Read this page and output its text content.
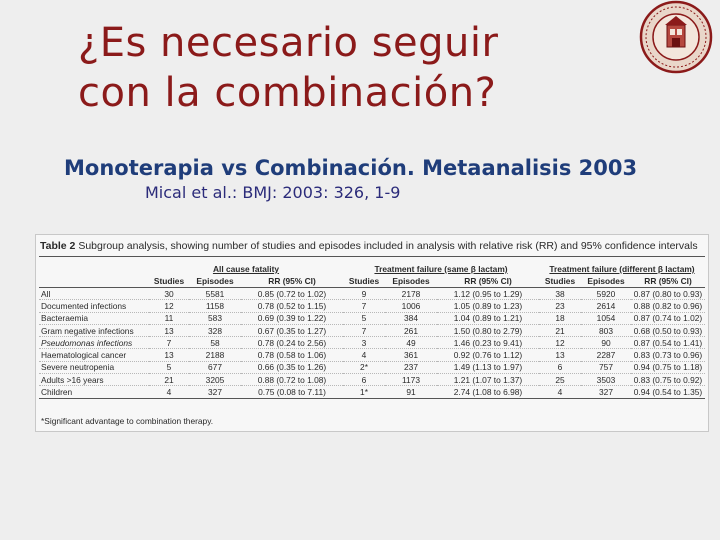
¿Es necesario seguir
con la combinación?
Monoterapia vs Combinación. Metaanalisis 2003
Mical et al.: BMJ: 2003: 326, 1-9
Table 2 Subgroup analysis, showing number of studies and episodes included in analysis with relative risk (RR) and 95% confidence intervals
	All cause fatality			Treatment failure (same β lactam)			Treatment failure (different β lactam)		
	Studies	Episodes	RR (95% CI)	Studies	Episodes	RR (95% CI)	Studies	Episodes	RR (95% CI)
All	30	5581	0.85 (0.72 to 1.02)	9	2178	1.12 (0.95 to 1.29)	38	5920	0.87 (0.80 to 0.93)
Documented infections	12	1158	0.78 (0.52 to 1.15)	7	1006	1.05 (0.89 to 1.23)	23	2614	0.88 (0.82 to 0.96)
Bacteraemia	11	583	0.69 (0.39 to 1.22)	5	384	1.04 (0.89 to 1.21)	18	1054	0.87 (0.74 to 1.02)
Gram negative infections	13	328	0.67 (0.35 to 1.27)	7	261	1.50 (0.80 to 2.79)	21	803	0.68 (0.50 to 0.93)
Pseudomonas infections	7	58	0.78 (0.24 to 2.56)	3	49	1.46 (0.23 to 9.41)	12	90	0.87 (0.54 to 1.41)
Haematological cancer	13	2188	0.78 (0.58 to 1.06)	4	361	0.92 (0.76 to 1.12)	13	2287	0.83 (0.73 to 0.96)
Severe neutropenia	5	677	0.66 (0.35 to 1.26)	2*	237	1.49 (1.13 to 1.97)	6	757	0.94 (0.75 to 1.18)
Adults >16 years	21	3205	0.88 (0.72 to 1.08)	6	1173	1.21 (1.07 to 1.37)	25	3503	0.83 (0.75 to 0.92)
Children	4	327	0.75 (0.08 to 7.11)	1*	91	2.74 (1.08 to 6.98)	4	327	0.94 (0.54 to 1.35)
*Significant advantage to combination therapy.
